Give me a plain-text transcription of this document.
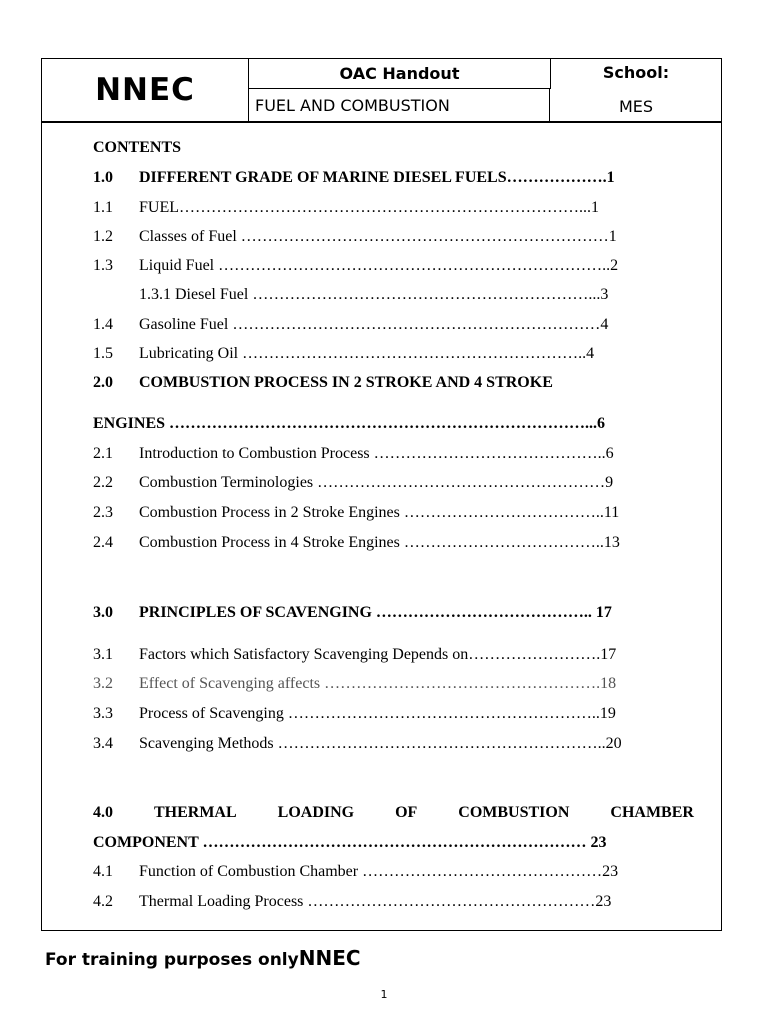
NNEC	OAC Handout
FUEL AND COMBUSTION
School:
MES
CONTENTS
1.0 DIFFERENT GRADE OF MARINE DIESEL FUELS……………….1
1.1 FUEL…………………………………………………………………...1
1.2 Classes of Fuel ……………………………………………………………1
1.3 Liquid Fuel ………………………………………………………………..2
1.3.1 Diesel Fuel ………………………………………………………...3
1.4 Gasoline Fuel ……………………………………………………………4
1.5 Lubricating Oil ………………………………………………………..4
2.0 COMBUSTION PROCESS IN 2 STROKE AND 4 STROKE
ENGINES ……………………………………………………………………...6
2.1 Introduction to Combustion Process ……………………………………..6
2.2 Combustion Terminologies ………………………………………………9
2.3 Combustion Process in 2 Stroke Engines ………………………………..11
2.4 Combustion Process in 4 Stroke Engines ………………………………..13
3.0 PRINCIPLES OF SCAVENGING ………………………………….. 17
3.1 Factors which Satisfactory Scavenging Depends on…………………….17
3.2 Effect of Scavenging affects …………………………………………….18
3.3 Process of Scavenging …………………………………………………..19
3.4 Scavenging Methods ……………………………………………………..20
4.0	THERMAL	LOADING	OF	COMBUSTION	CHAMBER
COMPONENT ……………………………………………………………… 23
4.1 Function of Combustion Chamber ………………………………………23
4.2 Thermal Loading Process ………………………………………………23
For training purposes onlyNNEC
1
